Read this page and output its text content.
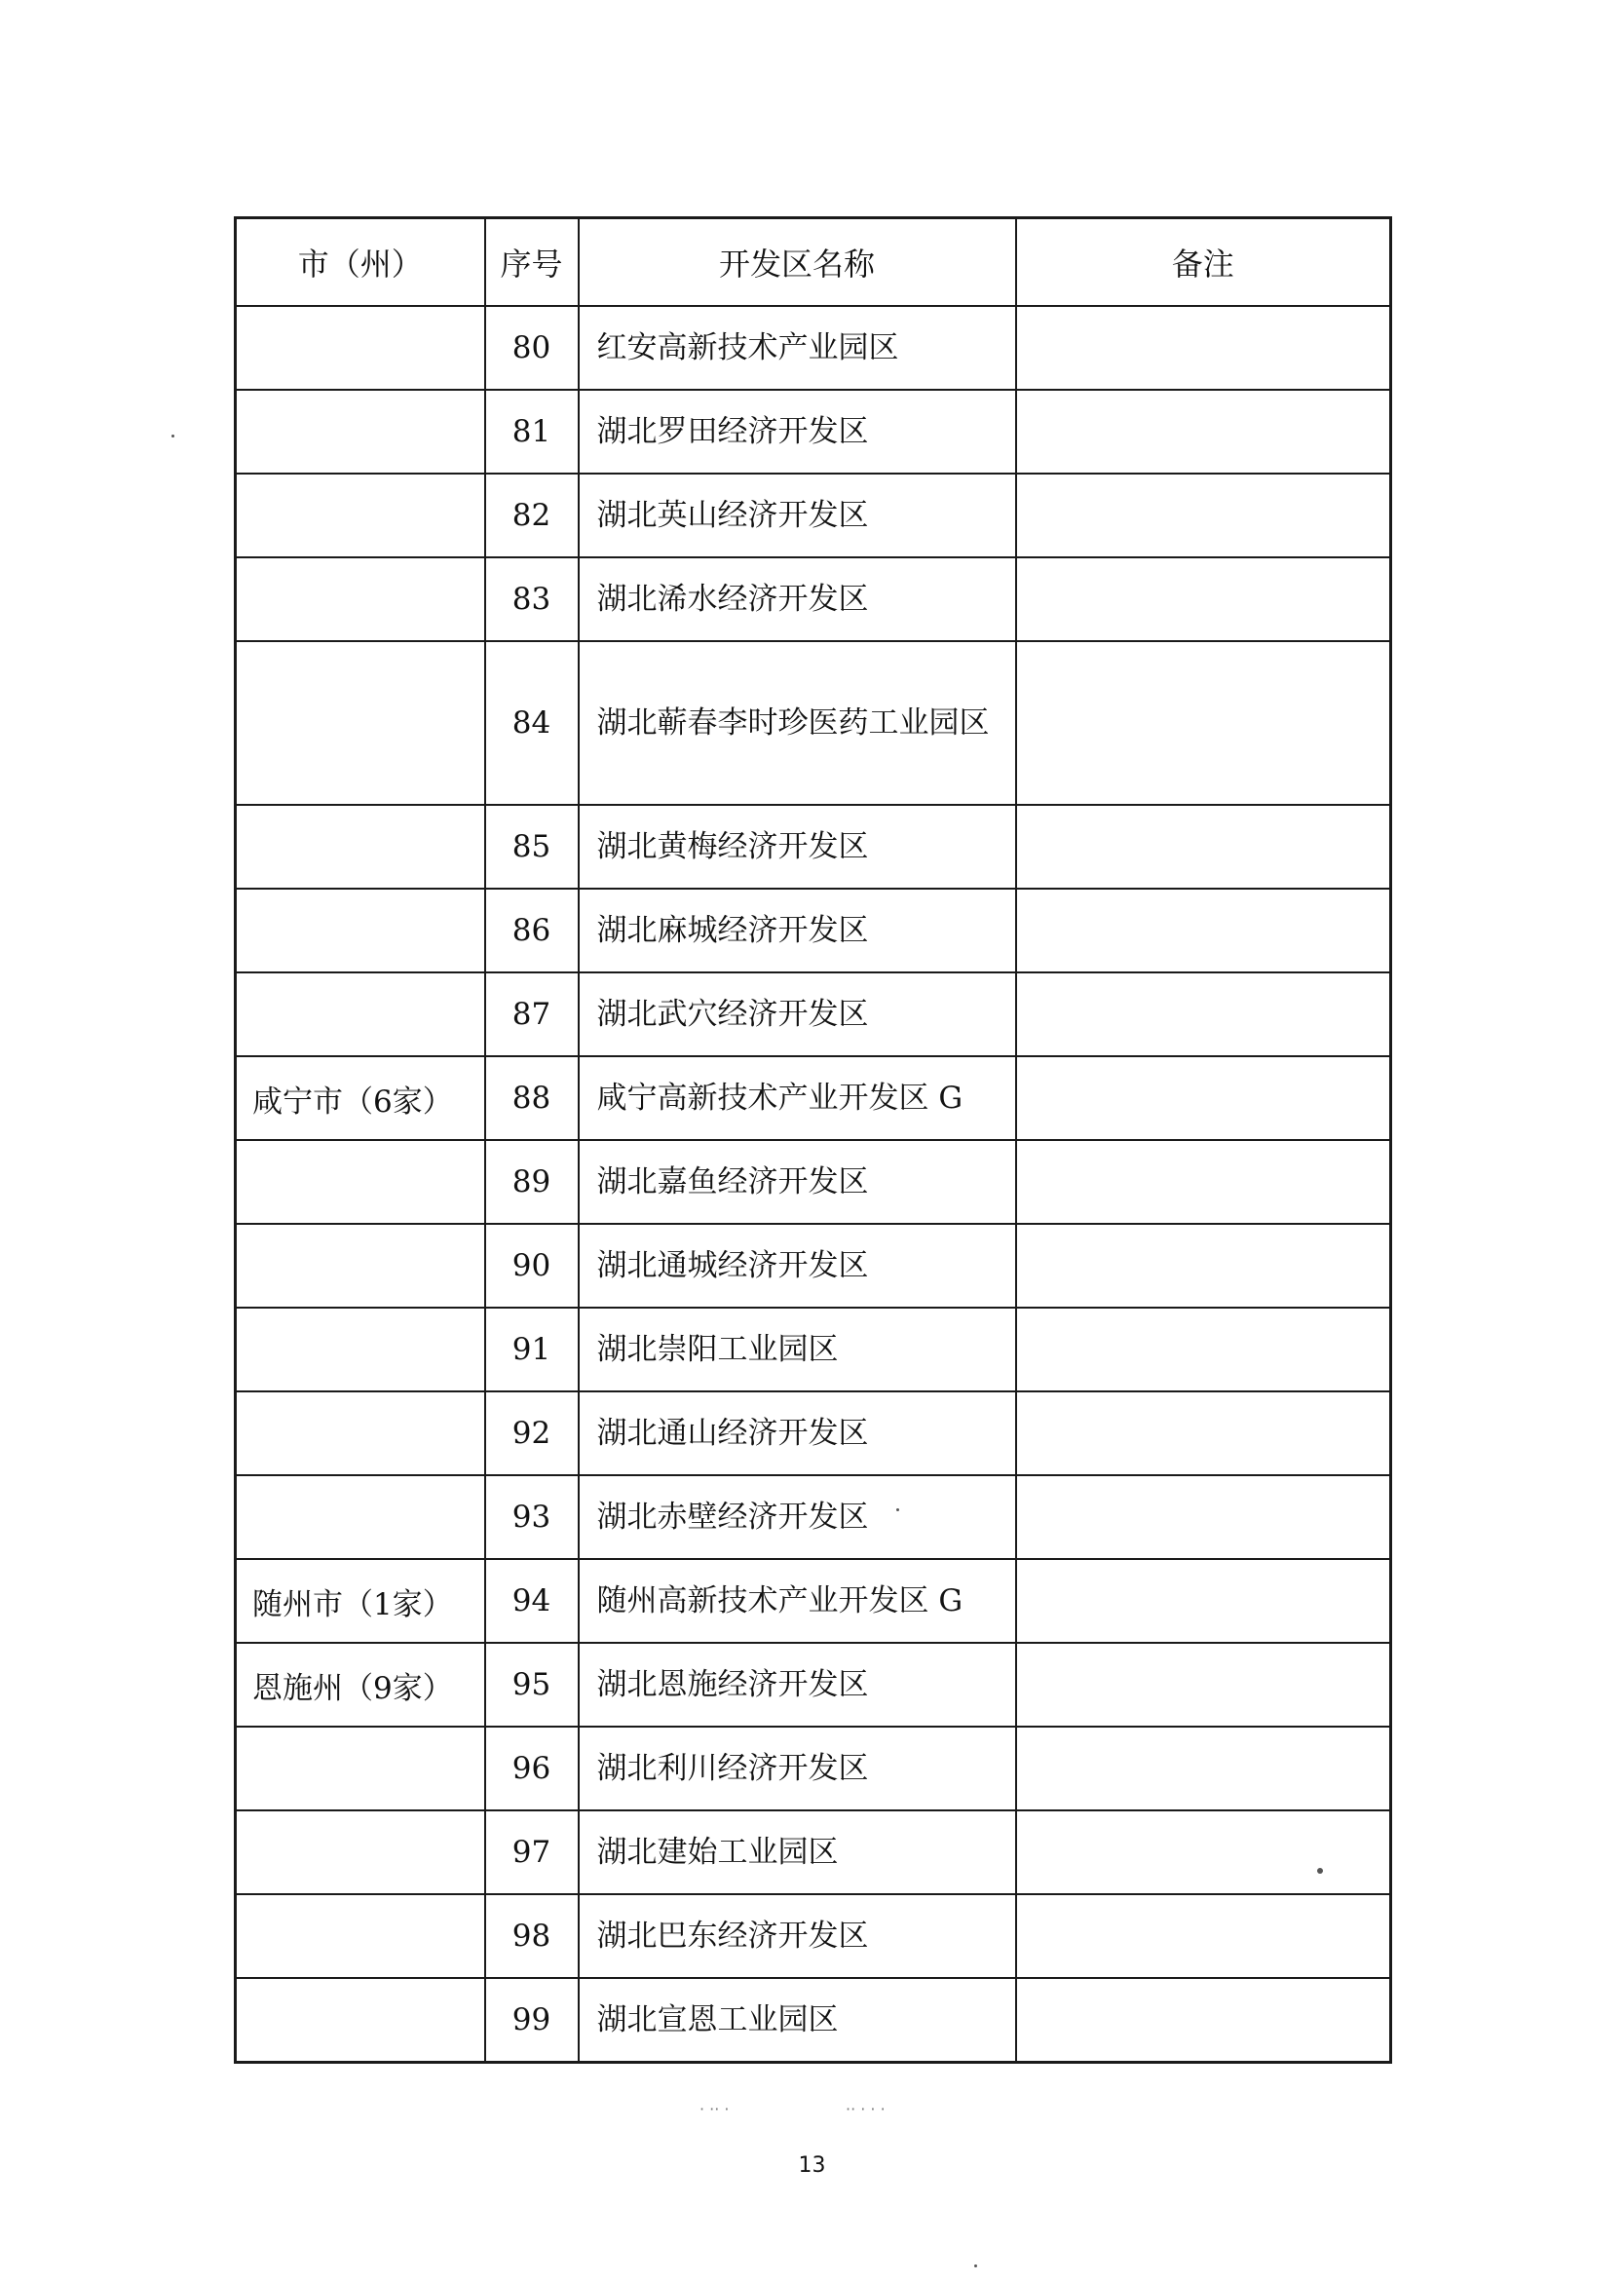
市（州）	序号	开发区名称	备注
	80	红安高新技术产业园区	
	81	湖北罗田经济开发区	
	82	湖北英山经济开发区	
	83	湖北浠水经济开发区	
	84	湖北蕲春李时珍医药工业园区	
	85	湖北黄梅经济开发区	
	86	湖北麻城经济开发区	
	87	湖北武穴经济开发区	
咸宁市（6家）	88	咸宁高新技术产业开发区 G	
	89	湖北嘉鱼经济开发区	
	90	湖北通城经济开发区	
	91	湖北崇阳工业园区	
	92	湖北通山经济开发区	
	93	湖北赤壁经济开发区	
随州市（1家）	94	随州高新技术产业开发区 G	
恩施州（9家）	95	湖北恩施经济开发区	
	96	湖北利川经济开发区	
	97	湖北建始工业园区	
	98	湖北巴东经济开发区	
	99	湖北宣恩工业园区	
· ·· ·	·· · · ·
13
